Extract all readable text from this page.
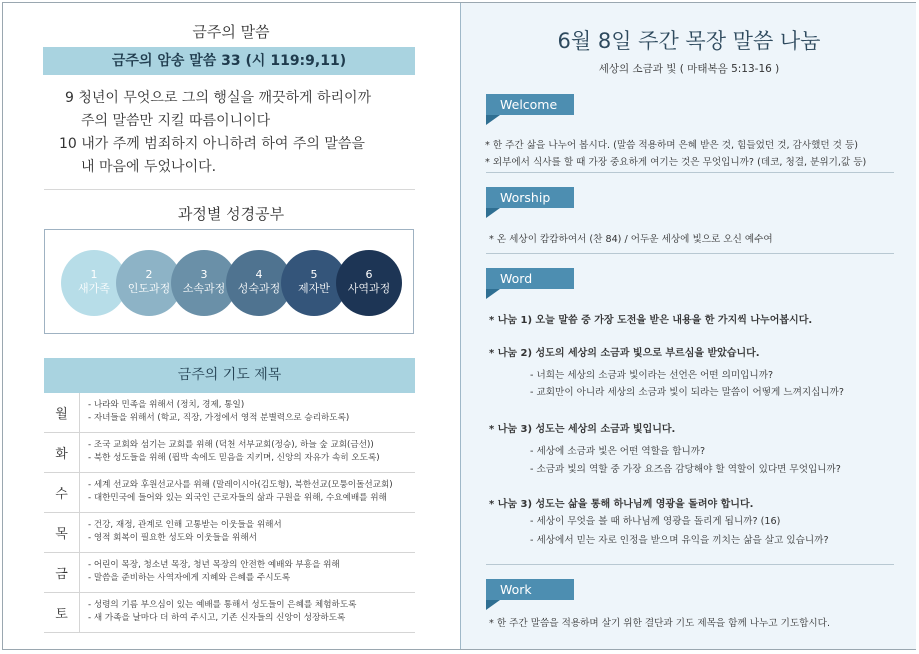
금주의 말씀
금주의 암송 말씀 33 (시 119:9,11)
9 청년이 무엇으로 그의 행실을 깨끗하게 하리이까
주의 말씀만 지킬 따름이니이다
10 내가 주께 범죄하지 아니하려 하여 주의 말씀을
내 마음에 두었나이다.
과정별 성경공부
1
새가족
2
인도과정
3
소속과정
4
성숙과정
5
제자반
6
사역과정
금주의 기도 제목
월
- 나라와 민족을 위해서 (정치, 경제, 통일)
- 자녀들을 위해서 (학교, 직장, 가정에서 영적 분별력으로 승리하도록)
화
- 조국 교회와 섬기는 교회를 위해 (덕천 서부교회(정승), 하늘 숲 교회(금선))
- 북한 성도들을 위해 (핍박 속에도 믿음을 지키며, 신앙의 자유가 속히 오도록)
수
- 세계 선교와 후원선교사를 위해 (말레이시아(김도형), 북한선교(모퉁이돌선교회)
- 대한민국에 들어와 있는 외국인 근로자들의 삶과 구원을 위해, 수요예배를 위해
목
- 건강, 재정, 관계로 인해 고통받는 이웃들을 위해서
- 영적 회복이 필요한 성도와 이웃들을 위해서
금
- 어린이 목장, 청소년 목장, 청년 목장의 안전한 예배와 부흥을 위해
- 말씀을 준비하는 사역자에게 지혜와 은혜를 주시도록
토
- 성령의 기름 부으심이 있는 예배를 통해서 성도들이 은혜를 체험하도록
- 새 가족을 날마다 더 하여 주시고, 기존 신자들의 신앙이 성장하도록
6월 8일 주간 목장 말씀 나눔
세상의 소금과 빛 ( 마태복음 5:13-16 )
Welcome
* 한 주간 삶을 나누어 봅시다. (말씀 적용하며 은혜 받은 것, 힘들었던 것, 감사했던 것 등)
* 외부에서 식사를 할 때 가장 중요하게 여기는 것은 무엇입니까? (데코, 청결, 분위기,값 등)
Worship
* 온 세상이 캄캄하여서 (찬 84) / 어두운 세상에 빛으로 오신 예수여
Word
* 나눔 1) 오늘 말씀 중 가장 도전을 받은 내용을 한 가지씩 나누어봅시다.
* 나눔 2) 성도의 세상의 소금과 빛으로 부르심을 받았습니다.
- 너희는 세상의 소금과 빛이라는 선언은 어떤 의미입니까?
- 교회만이 아니라 세상의 소금과 빛이 되라는 말씀이 어떻게 느껴지십니까?
* 나눔 3) 성도는 세상의 소금과 빛입니다.
- 세상에 소금과 빛은 어떤 역할을 합니까?
- 소금과 빛의 역할 중 가장 요즈음 감당해야 할 역할이 있다면 무엇입니까?
* 나눔 3) 성도는 삶을 통해 하나님께 영광을 돌려야 합니다.
- 세상이 무엇을 볼 때 하나님께 영광을 돌리게 됩니까? (16)
- 세상에서 믿는 자로 인정을 받으며 유익을 끼치는 삶을 살고 있습니까?
Work
* 한 주간 말씀을 적용하며 살기 위한 결단과 기도 제목을 함께 나누고 기도합시다.
